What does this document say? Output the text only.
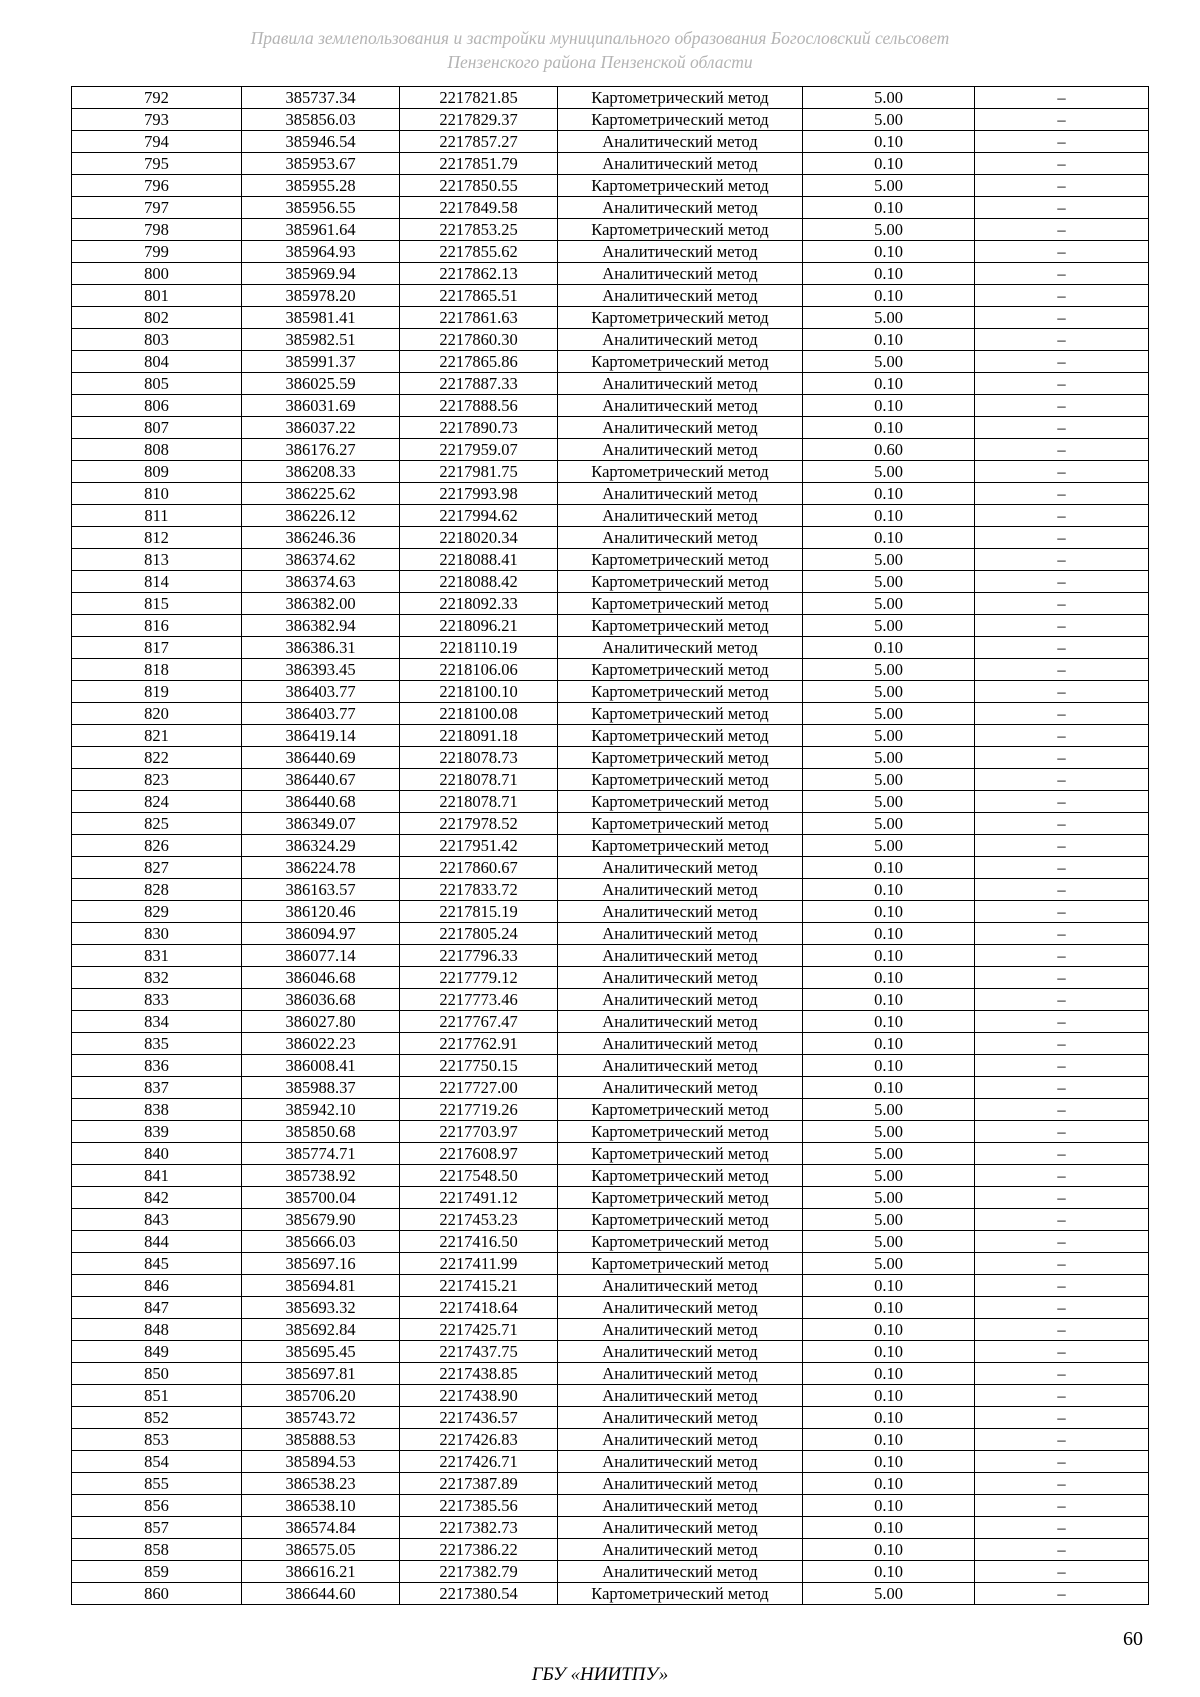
Правила землепользования и застройки муниципального образования Богословский сельсовет
Пензенского района Пензенской области
792	385737.34	2217821.85	Картометрический метод	5.00	–
793	385856.03	2217829.37	Картометрический метод	5.00	–
794	385946.54	2217857.27	Аналитический метод	0.10	–
795	385953.67	2217851.79	Аналитический метод	0.10	–
796	385955.28	2217850.55	Картометрический метод	5.00	–
797	385956.55	2217849.58	Аналитический метод	0.10	–
798	385961.64	2217853.25	Картометрический метод	5.00	–
799	385964.93	2217855.62	Аналитический метод	0.10	–
800	385969.94	2217862.13	Аналитический метод	0.10	–
801	385978.20	2217865.51	Аналитический метод	0.10	–
802	385981.41	2217861.63	Картометрический метод	5.00	–
803	385982.51	2217860.30	Аналитический метод	0.10	–
804	385991.37	2217865.86	Картометрический метод	5.00	–
805	386025.59	2217887.33	Аналитический метод	0.10	–
806	386031.69	2217888.56	Аналитический метод	0.10	–
807	386037.22	2217890.73	Аналитический метод	0.10	–
808	386176.27	2217959.07	Аналитический метод	0.60	–
809	386208.33	2217981.75	Картометрический метод	5.00	–
810	386225.62	2217993.98	Аналитический метод	0.10	–
811	386226.12	2217994.62	Аналитический метод	0.10	–
812	386246.36	2218020.34	Аналитический метод	0.10	–
813	386374.62	2218088.41	Картометрический метод	5.00	–
814	386374.63	2218088.42	Картометрический метод	5.00	–
815	386382.00	2218092.33	Картометрический метод	5.00	–
816	386382.94	2218096.21	Картометрический метод	5.00	–
817	386386.31	2218110.19	Аналитический метод	0.10	–
818	386393.45	2218106.06	Картометрический метод	5.00	–
819	386403.77	2218100.10	Картометрический метод	5.00	–
820	386403.77	2218100.08	Картометрический метод	5.00	–
821	386419.14	2218091.18	Картометрический метод	5.00	–
822	386440.69	2218078.73	Картометрический метод	5.00	–
823	386440.67	2218078.71	Картометрический метод	5.00	–
824	386440.68	2218078.71	Картометрический метод	5.00	–
825	386349.07	2217978.52	Картометрический метод	5.00	–
826	386324.29	2217951.42	Картометрический метод	5.00	–
827	386224.78	2217860.67	Аналитический метод	0.10	–
828	386163.57	2217833.72	Аналитический метод	0.10	–
829	386120.46	2217815.19	Аналитический метод	0.10	–
830	386094.97	2217805.24	Аналитический метод	0.10	–
831	386077.14	2217796.33	Аналитический метод	0.10	–
832	386046.68	2217779.12	Аналитический метод	0.10	–
833	386036.68	2217773.46	Аналитический метод	0.10	–
834	386027.80	2217767.47	Аналитический метод	0.10	–
835	386022.23	2217762.91	Аналитический метод	0.10	–
836	386008.41	2217750.15	Аналитический метод	0.10	–
837	385988.37	2217727.00	Аналитический метод	0.10	–
838	385942.10	2217719.26	Картометрический метод	5.00	–
839	385850.68	2217703.97	Картометрический метод	5.00	–
840	385774.71	2217608.97	Картометрический метод	5.00	–
841	385738.92	2217548.50	Картометрический метод	5.00	–
842	385700.04	2217491.12	Картометрический метод	5.00	–
843	385679.90	2217453.23	Картометрический метод	5.00	–
844	385666.03	2217416.50	Картометрический метод	5.00	–
845	385697.16	2217411.99	Картометрический метод	5.00	–
846	385694.81	2217415.21	Аналитический метод	0.10	–
847	385693.32	2217418.64	Аналитический метод	0.10	–
848	385692.84	2217425.71	Аналитический метод	0.10	–
849	385695.45	2217437.75	Аналитический метод	0.10	–
850	385697.81	2217438.85	Аналитический метод	0.10	–
851	385706.20	2217438.90	Аналитический метод	0.10	–
852	385743.72	2217436.57	Аналитический метод	0.10	–
853	385888.53	2217426.83	Аналитический метод	0.10	–
854	385894.53	2217426.71	Аналитический метод	0.10	–
855	386538.23	2217387.89	Аналитический метод	0.10	–
856	386538.10	2217385.56	Аналитический метод	0.10	–
857	386574.84	2217382.73	Аналитический метод	0.10	–
858	386575.05	2217386.22	Аналитический метод	0.10	–
859	386616.21	2217382.79	Аналитический метод	0.10	–
860	386644.60	2217380.54	Картометрический метод	5.00	–
60
ГБУ «НИИТПУ»
